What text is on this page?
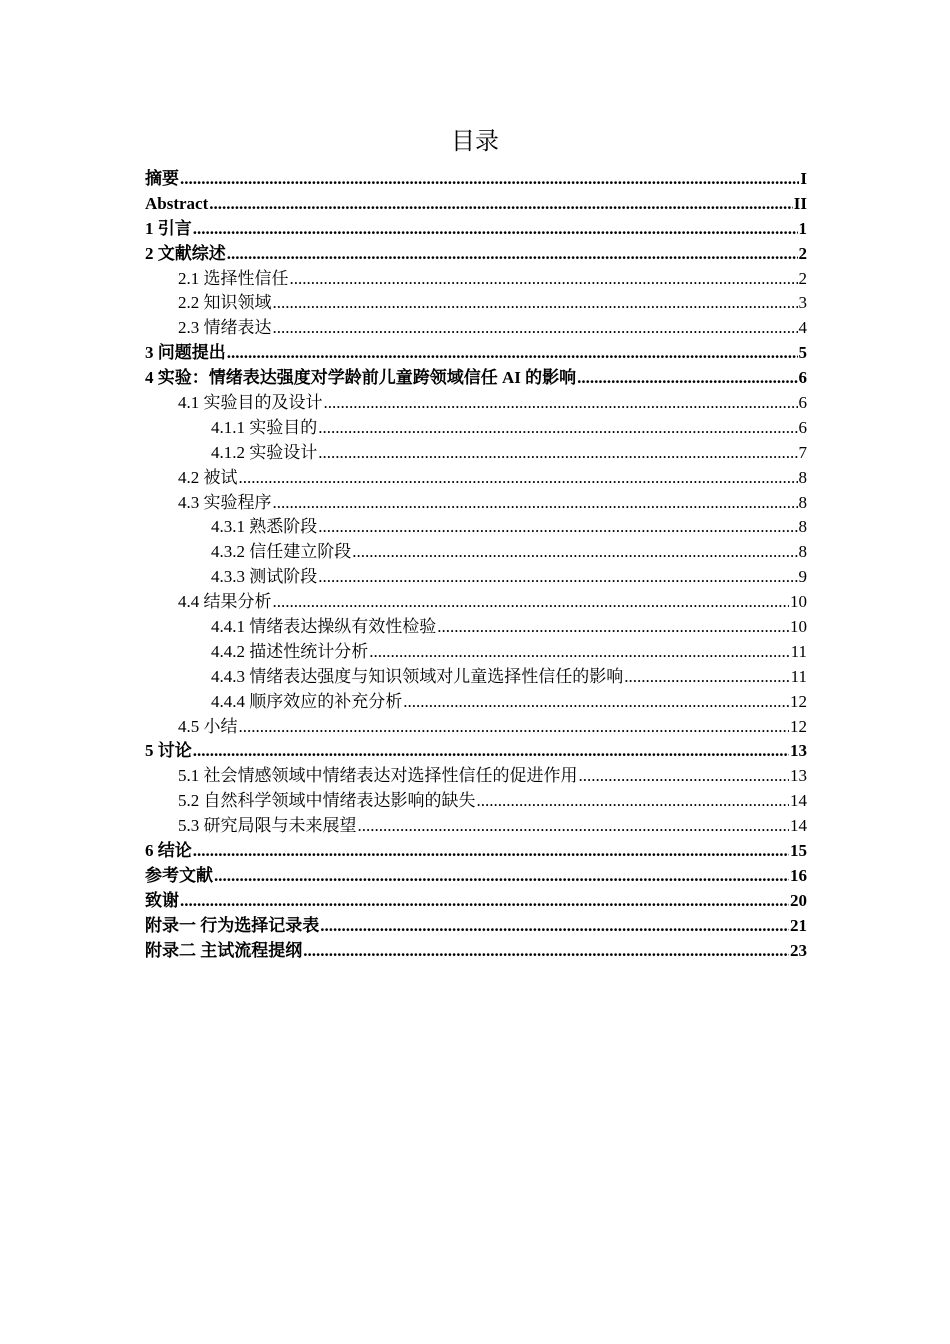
目录
摘要 .....	I
Abstract .....	II
1 引言 .....	1
2 文献综述 .....	2
2.1 选择性信任 .....	2
2.2 知识领域 .....	3
2.3 情绪表达 .....	4
3 问题提出 .....	5
4 实验：情绪表达强度对学龄前儿童跨领域信任 AI 的影响 .....	6
4.1 实验目的及设计 .....	6
4.1.1 实验目的 .....	6
4.1.2 实验设计 .....	7
4.2 被试 .....	8
4.3 实验程序 .....	8
4.3.1 熟悉阶段 .....	8
4.3.2 信任建立阶段 .....	8
4.3.3 测试阶段 .....	9
4.4 结果分析 .....	10
4.4.1 情绪表达操纵有效性检验 .....	10
4.4.2 描述性统计分析 .....	11
4.4.3 情绪表达强度与知识领域对儿童选择性信任的影响 .....	11
4.4.4 顺序效应的补充分析 .....	12
4.5 小结 .....	12
5 讨论 .....	13
5.1 社会情感领域中情绪表达对选择性信任的促进作用 .....	13
5.2 自然科学领域中情绪表达影响的缺失 .....	14
5.3 研究局限与未来展望 .....	14
6 结论 .....	15
参考文献 .....	16
致谢 .....	20
附录一 行为选择记录表 .....	21
附录二 主试流程提纲 .....	23
